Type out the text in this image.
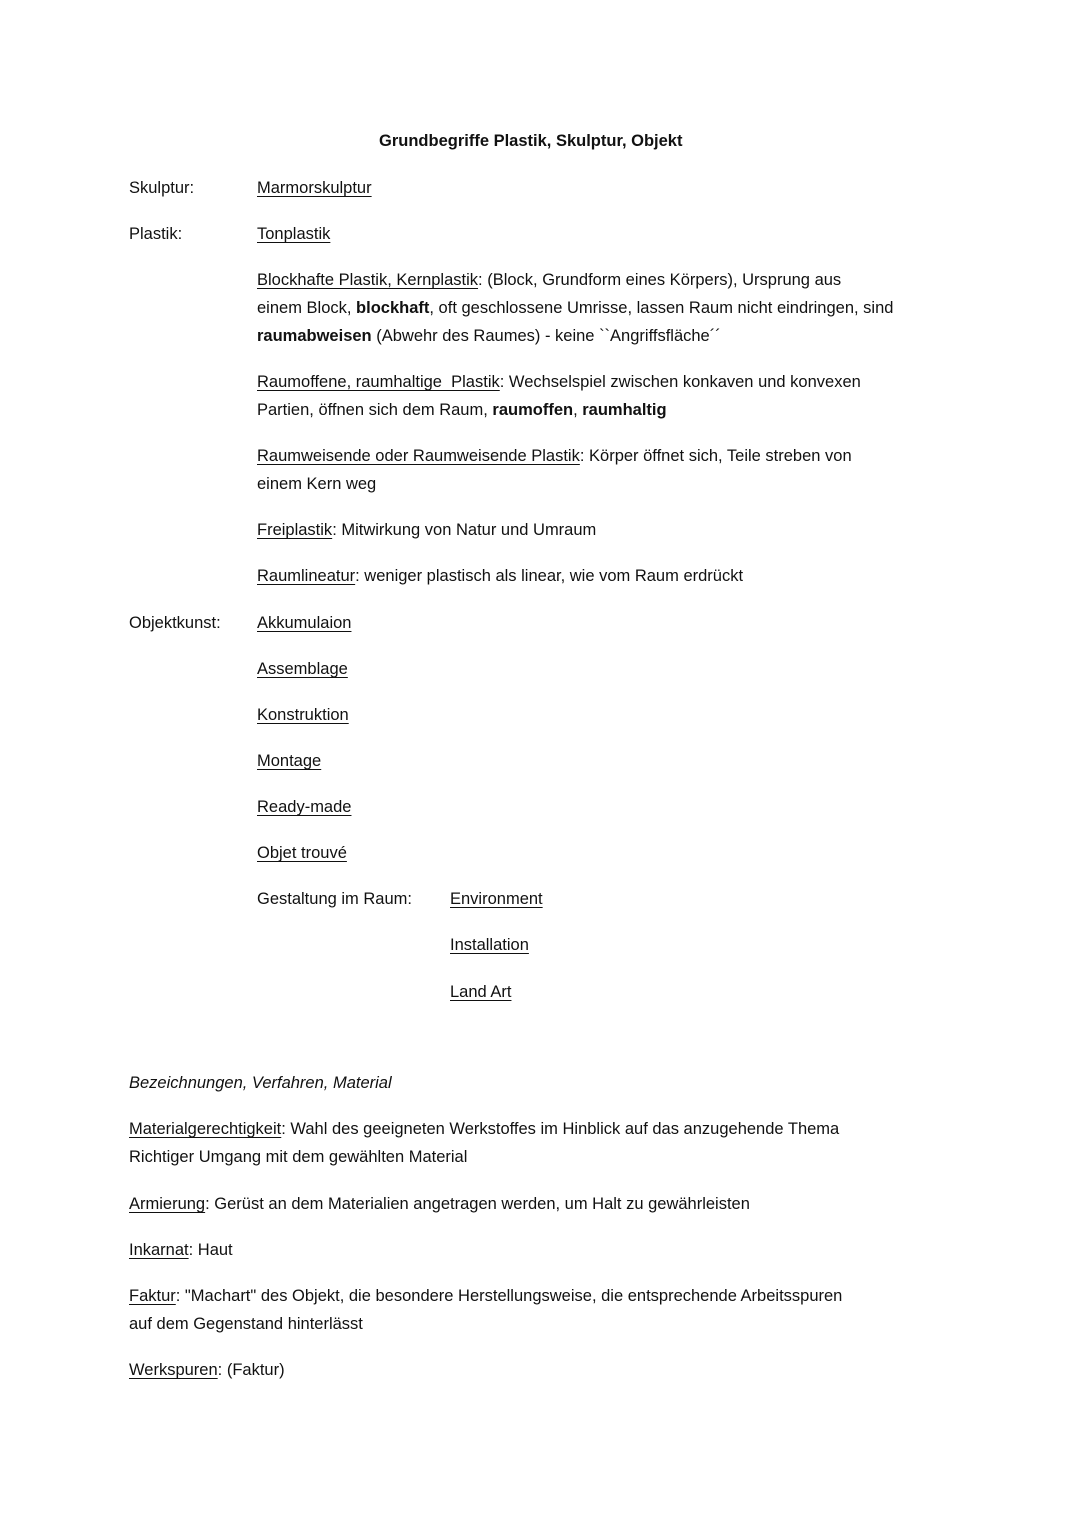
Grundbegriffe Plastik, Skulptur, Objekt
Skulptur:	Marmorskulptur
Plastik:	Tonplastik
Blockhafte Plastik, Kernplastik: (Block, Grundform eines Körpers), Ursprung aus
einem Block, blockhaft, oft geschlossene Umrisse, lassen Raum nicht eindringen, sind
raumabweisen (Abwehr des Raumes) - keine ``Angriffsfläche´´
Raumoffene, raumhaltige  Plastik: Wechselspiel zwischen konkaven und konvexen
Partien, öffnen sich dem Raum, raumoffen, raumhaltig
Raumweisende oder Raumweisende Plastik: Körper öffnet sich, Teile streben von
einem Kern weg
Freiplastik: Mitwirkung von Natur und Umraum
Raumlineatur: weniger plastisch als linear, wie vom Raum erdrückt
Objektkunst: Akkumulaion
Assemblage
Konstruktion
Montage
Ready-made
Objet trouvé
Gestaltung im Raum: Environment
Installation
Land Art
Bezeichnungen, Verfahren, Material
Materialgerechtigkeit: Wahl des geeigneten Werkstoffes im Hinblick auf das anzugehende Thema
Richtiger Umgang mit dem gewählten Material
Armierung: Gerüst an dem Materialien angetragen werden, um Halt zu gewährleisten
Inkarnat: Haut
Faktur: "Machart" des Objekt, die besondere Herstellungsweise, die entsprechende Arbeitsspuren
auf dem Gegenstand hinterlässt
Werkspuren: (Faktur)
